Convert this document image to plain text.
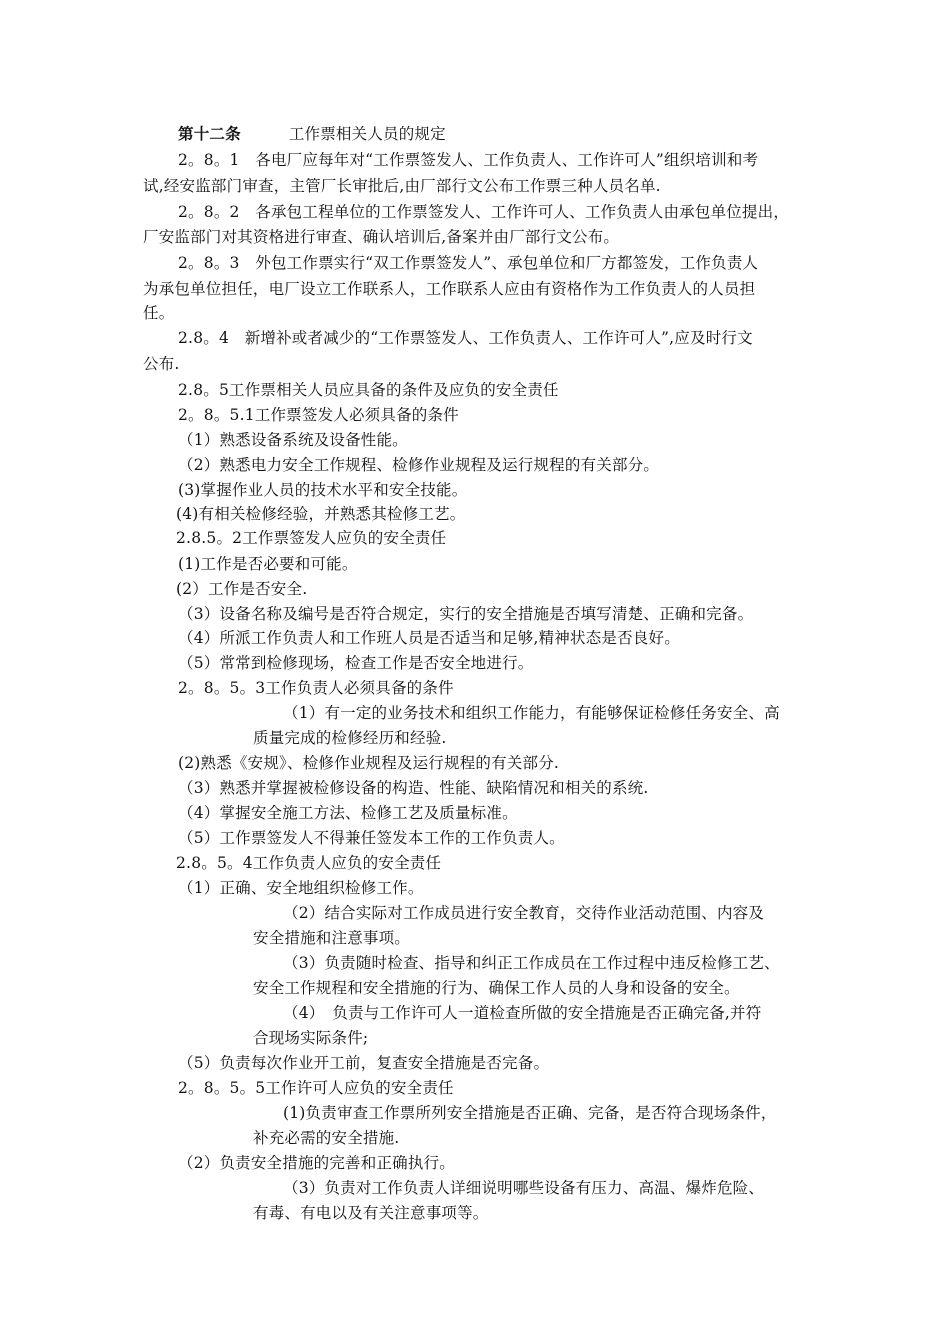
第十二条	工作票相关人员的规定
2。8。1　各电厂应每年对“工作票签发人、工作负责人、工作许可人”组织培训和考
试,经安监部门审查，主管厂长审批后,由厂部行文公布工作票三种人员名单.
2。8。2　各承包工程单位的工作票签发人、工作许可人、工作负责人由承包单位提出，
厂安监部门对其资格进行审查、确认培训后,备案并由厂部行文公布。
2。8。3　外包工作票实行“双工作票签发人”、承包单位和厂方都签发，工作负责人
为承包单位担任，电厂设立工作联系人，工作联系人应由有资格作为工作负责人的人员担
任。
2.8。4　新增补或者减少的“工作票签发人、工作负责人、工作许可人”,应及时行文
公布.
2.8。5工作票相关人员应具备的条件及应负的安全责任
2。8。5.1工作票签发人必须具备的条件
（1）熟悉设备系统及设备性能。
（2）熟悉电力安全工作规程、检修作业规程及运行规程的有关部分。
(3)掌握作业人员的技术水平和安全技能。
(4)有相关检修经验，并熟悉其检修工艺。
2.8.5。2工作票签发人应负的安全责任
(1)工作是否必要和可能。
(2）工作是否安全.
（3）设备名称及编号是否符合规定，实行的安全措施是否填写清楚、正确和完备。
（4）所派工作负责人和工作班人员是否适当和足够,精神状态是否良好。
（5）常常到检修现场，检查工作是否安全地进行。
2。8。5。3工作负责人必须具备的条件
（1）有一定的业务技术和组织工作能力，有能够保证检修任务安全、高
质量完成的检修经历和经验.
(2)熟悉《安规》、检修作业规程及运行规程的有关部分.
（3）熟悉并掌握被检修设备的构造、性能、缺陷情况和相关的系统.
（4）掌握安全施工方法、检修工艺及质量标准。
（5）工作票签发人不得兼任签发本工作的工作负责人。
2.8。5。4工作负责人应负的安全责任
（1）正确、安全地组织检修工作。
（2）结合实际对工作成员进行安全教育，交待作业活动范围、内容及
安全措施和注意事项。
（3）负责随时检查、指导和纠正工作成员在工作过程中违反检修工艺、
安全工作规程和安全措施的行为、确保工作人员的人身和设备的安全。
（4）　负责与工作许可人一道检查所做的安全措施是否正确完备,并符
合现场实际条件;
（5）负责每次作业开工前，复查安全措施是否完备。
2。8。5。5工作许可人应负的安全责任
(1)负责审查工作票所列安全措施是否正确、完备，是否符合现场条件，
补充必需的安全措施.
（2）负责安全措施的完善和正确执行。
（3）负责对工作负责人详细说明哪些设备有压力、高温、爆炸危险、
有毒、有电以及有关注意事项等。
